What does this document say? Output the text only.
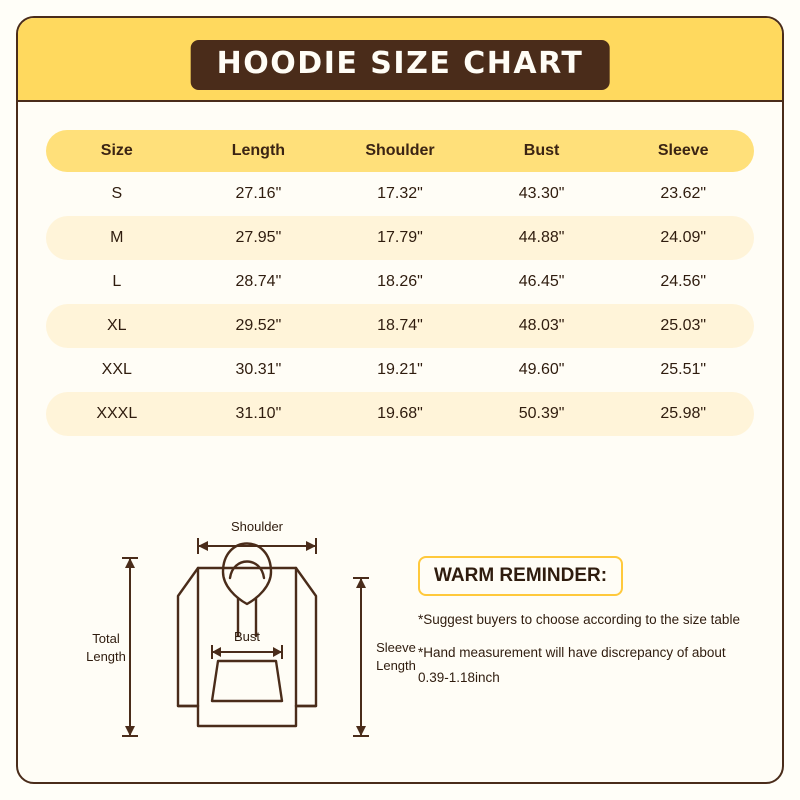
HOODIE SIZE CHART
Size	Length	Shoulder	Bust	Sleeve
S	27.16"	17.32"	43.30"	23.62"
M	27.95"	17.79"	44.88"	24.09"
L	28.74"	18.26"	46.45"	24.56"
XL	29.52"	18.74"	48.03"	25.03"
XXL	30.31"	19.21"	49.60"	25.51"
XXXL	31.10"	19.68"	50.39"	25.98"
Shoulder
Total
Length
Bust
Sleeve
Length
WARM REMINDER:
*Suggest buyers to choose according to the size table
*Hand measurement will have discrepancy of about
0.39-1.18inch
